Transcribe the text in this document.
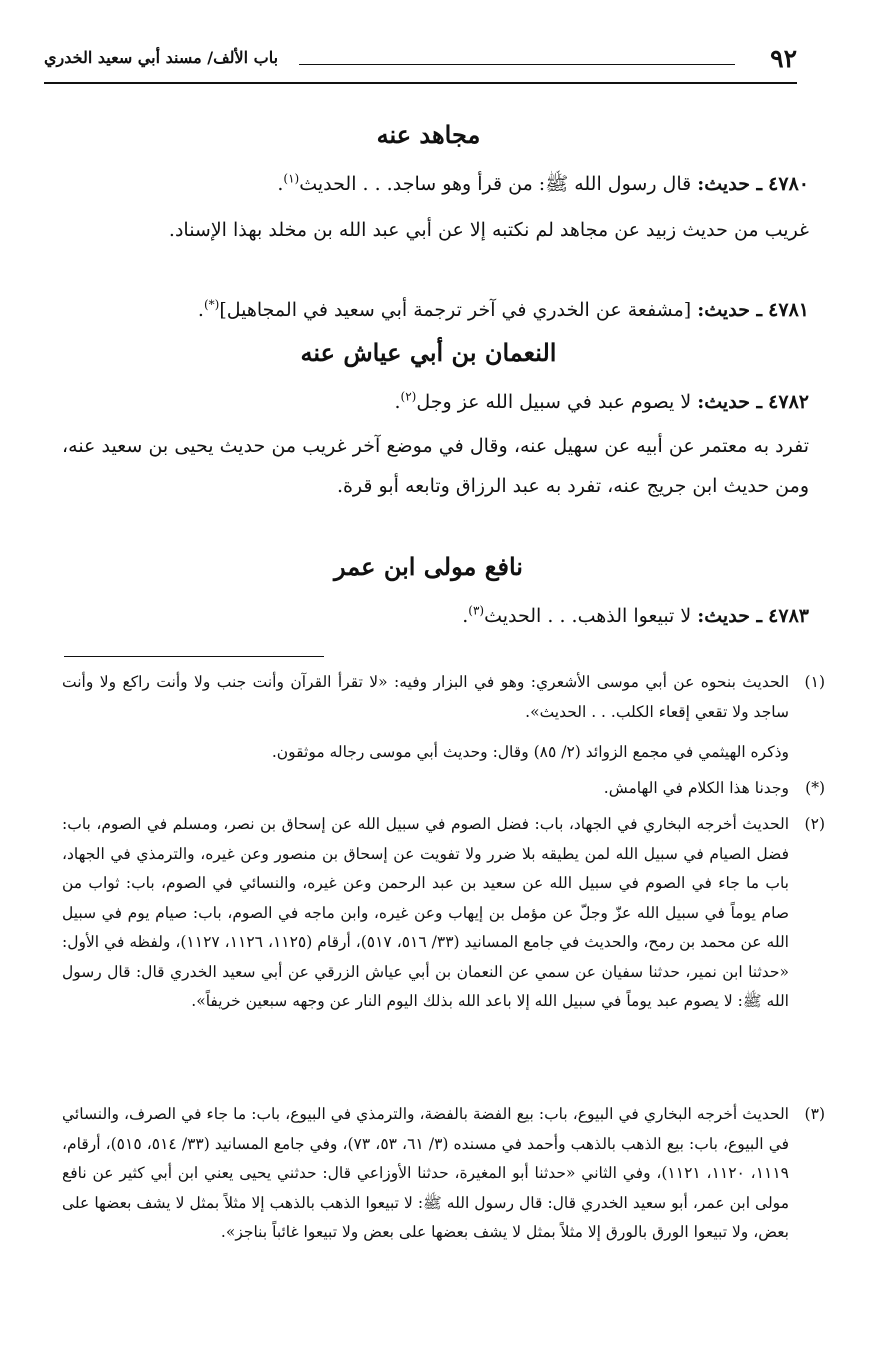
٩٢
باب الألف/ مسند أبي سعيد الخدري
مجاهد عنه
٤٧٨٠ ـ حديث: قال رسول الله ﷺ: من قرأ وهو ساجد. . . الحديث$^{(١)}$.
غريب من حديث زبيد عن مجاهد لم نكتبه إلا عن أبي عبد الله بن مخلد بهذا الإسناد.
٤٧٨١ ـ حديث: [مشفعة عن الخدري في آخر ترجمة أبي سعيد في المجاهيل](*).
النعمان بن أبي عياش عنه
٤٧٨٢ ـ حديث: لا يصوم عبد في سبيل الله عز وجل$^{(٢)}$.
تفرد به معتمر عن أبيه عن سهيل عنه، وقال في موضع آخر غريب من حديث يحيى بن سعيد عنه، ومن حديث ابن جريج عنه، تفرد به عبد الرزاق وتابعه أبو قرة.
نافع مولى ابن عمر
٤٧٨٣ ـ حديث: لا تبيعوا الذهب. . . الحديث$^{(٣)}$.
(١)
الحديث بنحوه عن أبي موسى الأشعري: وهو في البزار وفيه: «لا تقرأ القرآن وأنت جنب ولا وأنت راكع ولا وأنت ساجد ولا تقعي إقعاء الكلب. . . الحديث».
وذكره الهيثمي في مجمع الزوائد (٢/ ٨٥) وقال: وحديث أبي موسى رجاله موثقون.
(*)
وجدنا هذا الكلام في الهامش.
(٢)
الحديث أخرجه البخاري في الجهاد، باب: فضل الصوم في سبيل الله عن إسحاق بن نصر، ومسلم في الصوم، باب: فضل الصيام في سبيل الله لمن يطيقه بلا ضرر ولا تفويت عن إسحاق بن منصور وعن غيره، والترمذي في الجهاد، باب ما جاء في الصوم في سبيل الله عن سعيد بن عبد الرحمن وعن غيره، والنسائي في الصوم، باب: ثواب من صام يوماً في سبيل الله عزّ وجلّ عن مؤمل بن إيهاب وعن غيره، وابن ماجه في الصوم، باب: صيام يوم في سبيل الله عن محمد بن رمح، والحديث في جامع المسانيد (٣٣/ ٥١٦، ٥١٧)، أرقام (١١٢٥، ١١٢٦، ١١٢٧)، ولفظه في الأول: «حدثنا ابن نمير، حدثنا سفيان عن سمي عن النعمان بن أبي عياش الزرقي عن أبي سعيد الخدري قال: قال رسول الله ﷺ: لا يصوم عبد يوماً في سبيل الله إلا باعد الله بذلك اليوم النار عن وجهه سبعين خريفاً».
(٣)
الحديث أخرجه البخاري في البيوع، باب: بيع الفضة بالفضة، والترمذي في البيوع، باب: ما جاء في الصرف، والنسائي في البيوع، باب: بيع الذهب بالذهب وأحمد في مسنده (٣/ ٦١، ٥٣، ٧٣)، وفي جامع المسانيد (٣٣/ ٥١٤، ٥١٥)، أرقام، ١١١٩، ١١٢٠، ١١٢١)، وفي الثاني «حدثنا أبو المغيرة، حدثنا الأوزاعي قال: حدثني يحيى يعني ابن أبي كثير عن نافع مولى ابن عمر، أبو سعيد الخدري قال: قال رسول الله ﷺ: لا تبيعوا الذهب بالذهب إلا مثلاً بمثل لا يشف بعضها على بعض، ولا تبيعوا الورق بالورق إلا مثلاً بمثل لا يشف بعضها على بعض ولا تبيعوا غائباً بناجز».
